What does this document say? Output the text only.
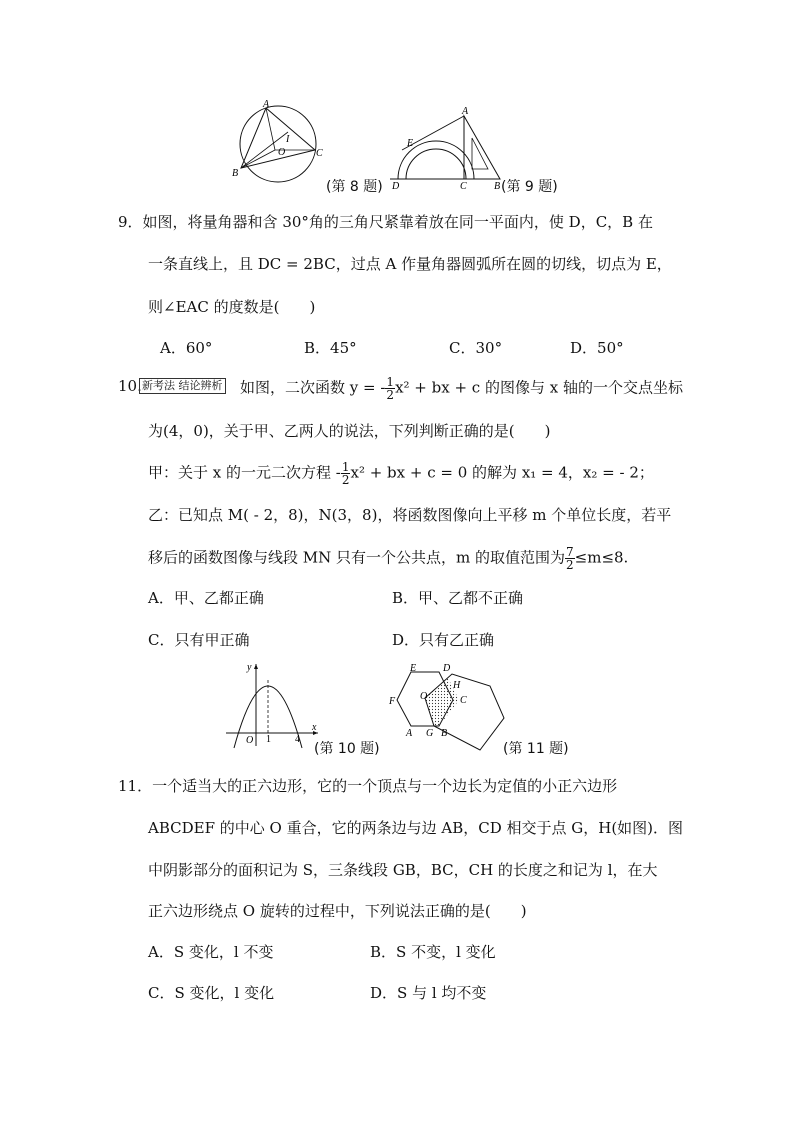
A
I
O
B
C
(第 8 题)
A
E
D	C	B (第 9 题)
9．如图，将量角器和含 30°角的三角尺紧靠着放在同一平面内，使 D，C，B 在
一条直线上，且 DC = 2BC，过点 A 作量角器圆弧所在圆的切线，切点为 E，
则∠EAC 的度数是(　　)
A．60°	B．45°	C．30°	D．50°
10. 新考法 结论辨析 如图，二次函数 y = - $\frac{1}{2} x^2$ + bx + c 的图像与 x 轴的一个交点坐标
为(4，0)，关于甲、乙两人的说法，下列判断正确的是(　　)
甲：关于 x 的一元二次方程 - $\frac{1}{2} x^2$ + bx + c = 0 的解为 x₁ = 4，x₂ = - 2；
乙：已知点 M( - 2，8)，N(3，8)，将函数图像向上平移 m 个单位长度，若平
移后的函数图像与线段 MN 只有一个公共点，m 的取值范围为 $\frac{7}{2} \le m\le 8$.
A．甲、乙都正确	B．甲、乙都不正确
C．只有甲正确	D．只有乙正确
y
x
O 1 4
(第 10 题)
E	D
F O
H
C
A G B
(第 11 题)
11．一个适当大的正六边形，它的一个顶点与一个边长为定值的小正六边形
ABCDEF 的中心 O 重合，它的两条边与边 AB，CD 相交于点 G，H(如图)．图
中阴影部分的面积记为 S，三条线段 GB，BC，CH 的长度之和记为 l，在大
正六边形绕点 O 旋转的过程中，下列说法正确的是(　　)
A．S 变化，l 不变	B．S 不变，l 变化
C．S 变化，l 变化	D．S 与 l 均不变
